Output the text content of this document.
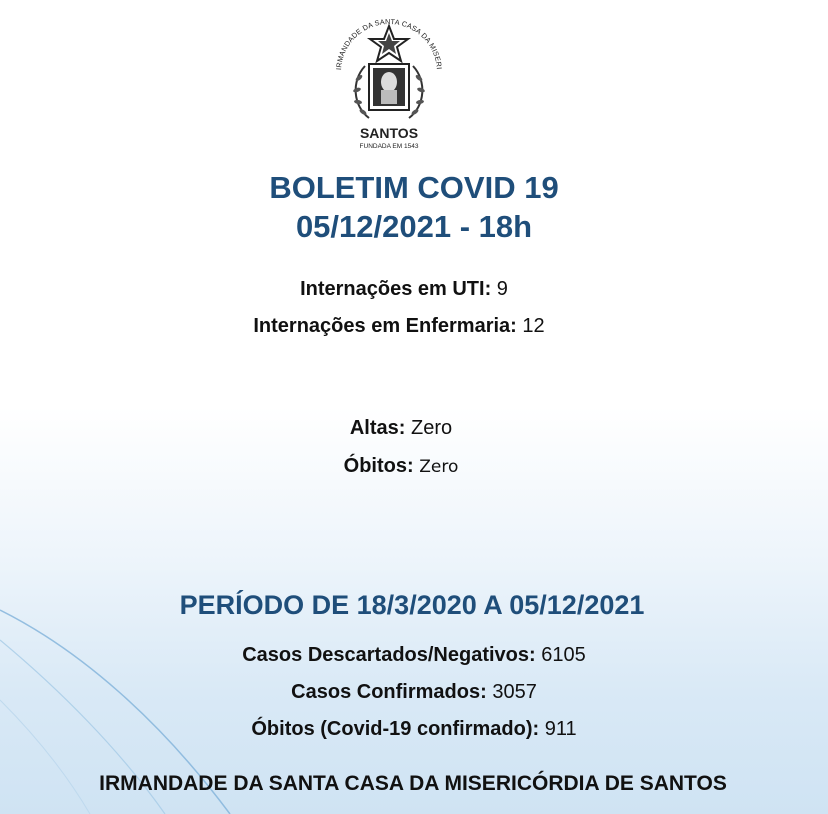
IRMANDADE DA SANTA CASA DA MISERI
SANTOS
FUNDADA EM 1543
BOLETIM COVID 19
05/12/2021 - 18h
Internações em UTI: 9
Internações em Enfermaria: 12
Altas: Zero
Óbitos: Zero
PERÍODO DE 18/3/2020 A 05/12/2021
Casos Descartados/Negativos: 6105
Casos Confirmados: 3057
Óbitos (Covid-19 confirmado): 911
IRMANDADE DA SANTA CASA DA MISERICÓRDIA DE SANTOS
